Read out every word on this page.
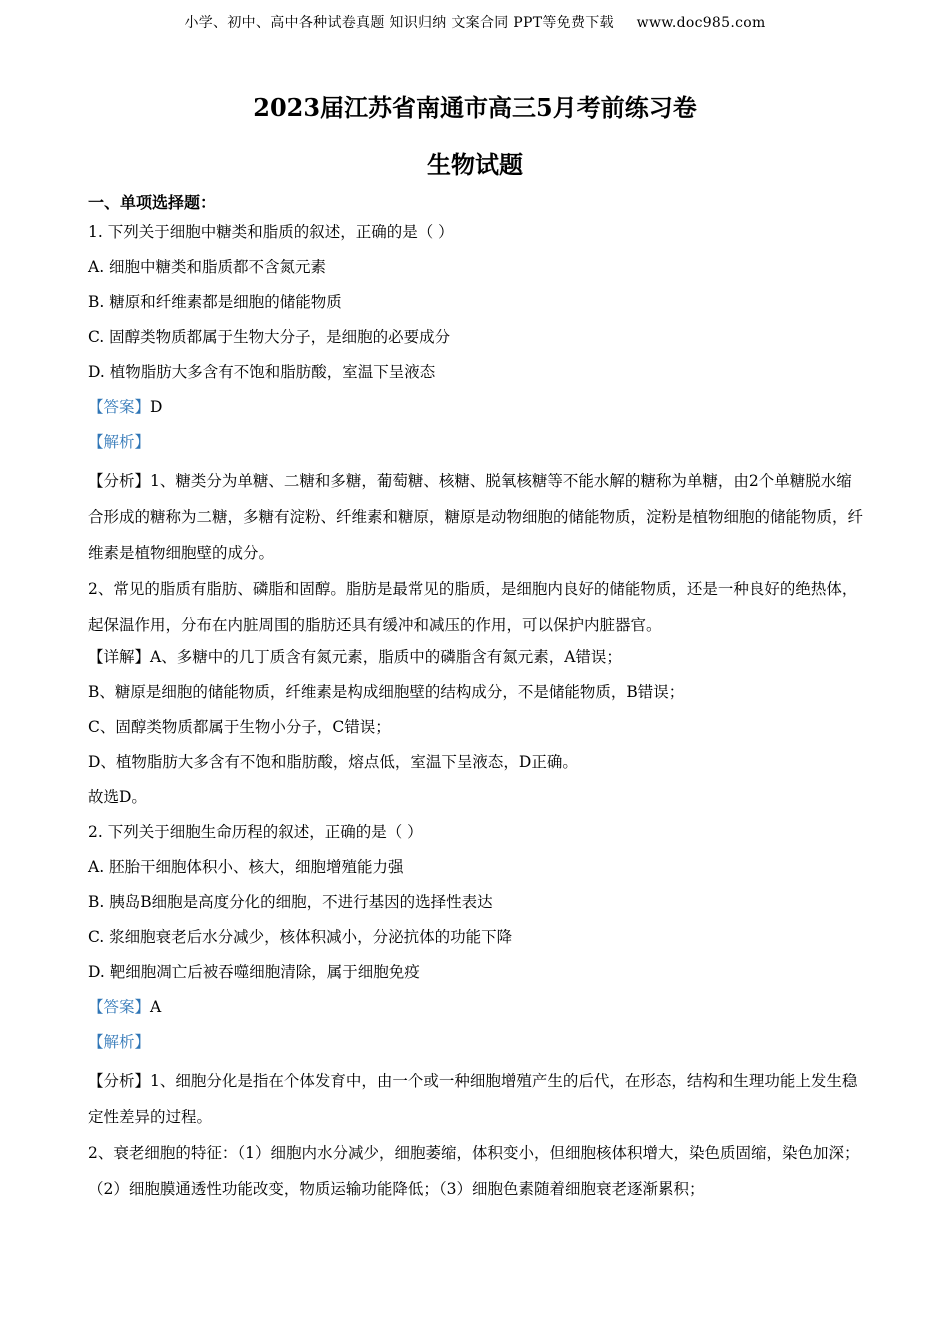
小学、初中、高中各种试卷真题 知识归纳 文案合同 PPT等免费下载 www.doc985.com
2023届江苏省南通市高三5月考前练习卷
生物试题
一、单项选择题：
1. 下列关于细胞中糖类和脂质的叙述，正确的是（ ）
A. 细胞中糖类和脂质都不含氮元素
B. 糖原和纤维素都是细胞的储能物质
C. 固醇类物质都属于生物大分子，是细胞的必要成分
D. 植物脂肪大多含有不饱和脂肪酸，室温下呈液态
【答案】D
【解析】
【分析】1、糖类分为单糖、二糖和多糖，葡萄糖、核糖、脱氧核糖等不能水解的糖称为单糖，由2个单糖脱水缩合形成的糖称为二糖，多糖有淀粉、纤维素和糖原，糖原是动物细胞的储能物质，淀粉是植物细胞的储能物质，纤维素是植物细胞壁的成分。
2、常见的脂质有脂肪、磷脂和固醇。脂肪是最常见的脂质，是细胞内良好的储能物质，还是一种良好的绝热体，起保温作用，分布在内脏周围的脂肪还具有缓冲和减压的作用，可以保护内脏器官。
【详解】A、多糖中的几丁质含有氮元素，脂质中的磷脂含有氮元素，A错误；
B、糖原是细胞的储能物质，纤维素是构成细胞壁的结构成分，不是储能物质，B错误；
C、固醇类物质都属于生物小分子，C错误；
D、植物脂肪大多含有不饱和脂肪酸，熔点低，室温下呈液态，D正确。
故选D。
2. 下列关于细胞生命历程的叙述，正确的是（ ）
A. 胚胎干细胞体积小、核大，细胞增殖能力强
B. 胰岛B细胞是高度分化的细胞，不进行基因的选择性表达
C. 浆细胞衰老后水分减少，核体积减小，分泌抗体的功能下降
D. 靶细胞凋亡后被吞噬细胞清除，属于细胞免疫
【答案】A
【解析】
【分析】1、细胞分化是指在个体发育中，由一个或一种细胞增殖产生的后代，在形态，结构和生理功能上发生稳定性差异的过程。
2、衰老细胞的特征：（1）细胞内水分减少，细胞萎缩，体积变小，但细胞核体积增大，染色质固缩，染色加深；（2）细胞膜通透性功能改变，物质运输功能降低；（3）细胞色素随着细胞衰老逐渐累积；
